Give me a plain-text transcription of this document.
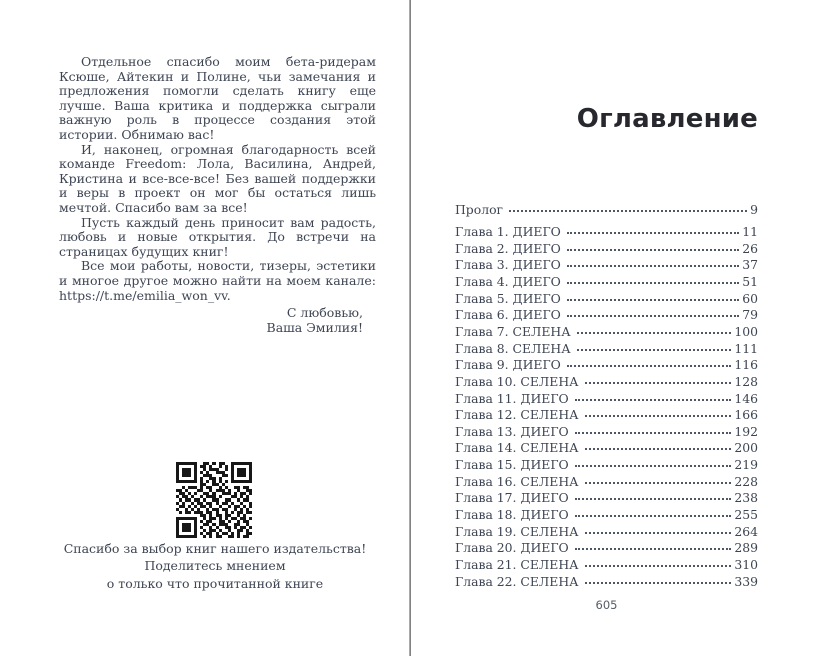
Отдельное спасибо моим бета-ридерам Ксюше, Айтекин и Полине, чьи замечания и предложения помогли сделать книгу еще лучше. Ваша критика и поддержка сыграли важную роль в процессе создания этой истории. Обнимаю вас!

И, наконец, огромная благодарность всей команде Freedom: Лола, Василина, Андрей, Кристина и все-все-все! Без вашей поддержки и веры в проект он мог бы остаться лишь мечтой. Спасибо вам за все!

Пусть каждый день приносит вам радость, любовь и новые открытия. До встречи на страницах будущих книг!

Все мои работы, новости, тизеры, эстетики и многое другое можно найти на моем канале: https://t.me/emilia_won_vv.

С любовью,
Ваша Эмилия!
Спасибо за выбор книг нашего издательства!
Поделитесь мнением
о только что прочитанной книге
Оглавление
Пролог	9
Глава 1. ДИЕГО	11
Глава 2. ДИЕГО	26
Глава 3. ДИЕГО	37
Глава 4. ДИЕГО	51
Глава 5. ДИЕГО	60
Глава 6. ДИЕГО	79
Глава 7. СЕЛЕНА	100
Глава 8. СЕЛЕНА	111
Глава 9. ДИЕГО	116
Глава 10. СЕЛЕНА	128
Глава 11. ДИЕГО	146
Глава 12. СЕЛЕНА	166
Глава 13. ДИЕГО	192
Глава 14. СЕЛЕНА	200
Глава 15. ДИЕГО	219
Глава 16. СЕЛЕНА	228
Глава 17. ДИЕГО	238
Глава 18. ДИЕГО	255
Глава 19. СЕЛЕНА	264
Глава 20. ДИЕГО	289
Глава 21. СЕЛЕНА	310
Глава 22. СЕЛЕНА	339
605
